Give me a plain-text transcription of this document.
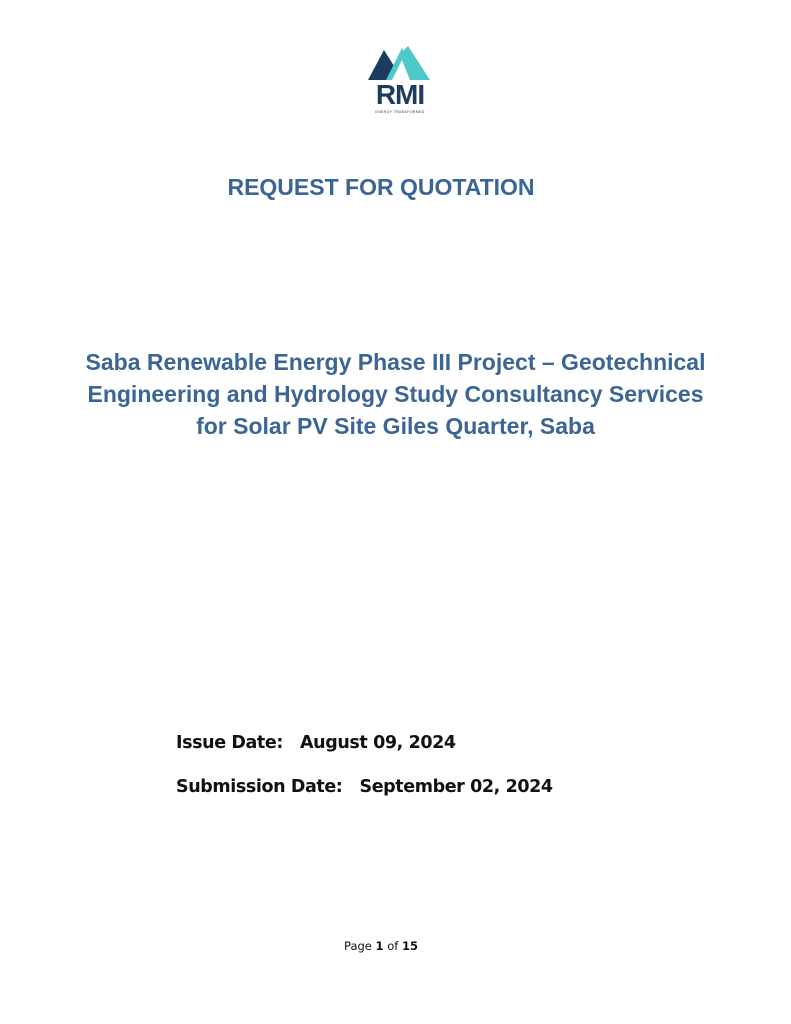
RMI
ENERGY TRANSFORMED
REQUEST FOR QUOTATION
Saba Renewable Energy Phase III Project – Geotechnical
Engineering and Hydrology Study Consultancy Services
for Solar PV Site Giles Quarter, Saba
Issue Date: August 09, 2024
Submission Date: September 02, 2024
Page 1 of 15
